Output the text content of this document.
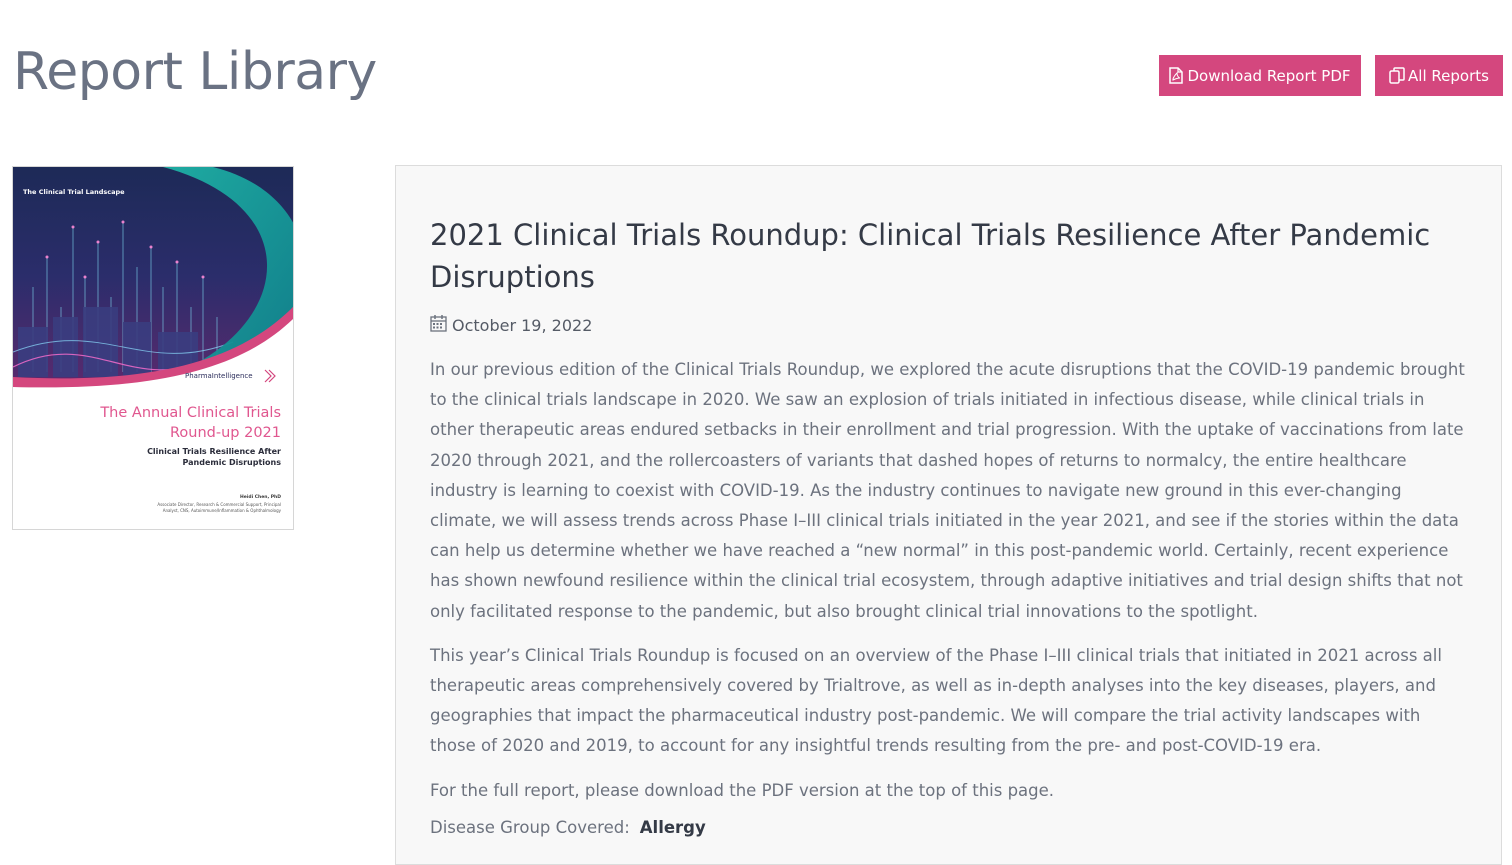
Report Library	Download Report PDF	All Reports
The Clinical Trial Landscape
PharmaIntelligence
The Annual Clinical Trials
Round-up 2021
Clinical Trials Resilience After
Pandemic Disruptions
Heidi Chen, PhD
Associate Director, Research & Commercial Support, Principal
Analyst, CNS, Autoimmune/Inflammation & Ophthalmology
2021 Clinical Trials Roundup: Clinical Trials Resilience After Pandemic Disruptions
October 19, 2022

In our previous edition of the Clinical Trials Roundup, we explored the acute disruptions that the COVID-19 pandemic brought to the clinical trials landscape in 2020. We saw an explosion of trials initiated in infectious disease, while clinical trials in other therapeutic areas endured setbacks in their enrollment and trial progression. With the uptake of vaccinations from late 2020 through 2021, and the rollercoasters of variants that dashed hopes of returns to normalcy, the entire healthcare industry is learning to coexist with COVID-19. As the industry continues to navigate new ground in this ever-changing climate, we will assess trends across Phase I–III clinical trials initiated in the year 2021, and see if the stories within the data can help us determine whether we have reached a “new normal” in this post-pandemic world. Certainly, recent experience has shown newfound resilience within the clinical trial ecosystem, through adaptive initiatives and trial design shifts that not only facilitated response to the pandemic, but also brought clinical trial innovations to the spotlight.

This year’s Clinical Trials Roundup is focused on an overview of the Phase I–III clinical trials that initiated in 2021 across all therapeutic areas comprehensively covered by Trialtrove, as well as in-depth analyses into the key diseases, players, and geographies that impact the pharmaceutical industry post-pandemic. We will compare the trial activity landscapes with those of 2020 and 2019, to account for any insightful trends resulting from the pre- and post-COVID-19 era.

For the full report, please download the PDF version at the top of this page.

Disease Group Covered: Allergy
